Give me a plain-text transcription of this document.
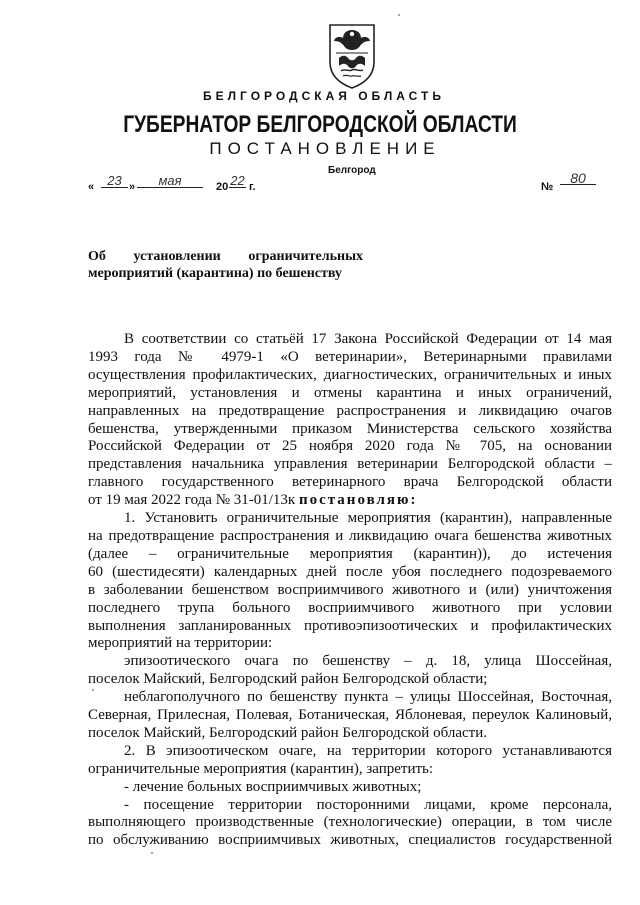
БЕЛГОРОДСКАЯ ОБЛАСТЬ
ГУБЕРНАТОР БЕЛГОРОДСКОЙ ОБЛАСТИ
ПОСТАНОВЛЕНИЕ
Белгород
«	23 »	мая	20 22 г.	№
80
Об установлении ограничительных
мероприятий (карантина) по бешенству

В соответствии со статьёй 17 Закона Российской Федерации от 14 мая
1993 года № 4979-1 «О ветеринарии», Ветеринарными правилами
осуществления профилактических, диагностических, ограничительных и иных
мероприятий, установления и отмены карантина и иных ограничений,
направленных на предотвращение распространения и ликвидацию очагов
бешенства, утвержденными приказом Министерства сельского хозяйства
Российской Федерации от 25 ноября 2020 года № 705, на основании
представления начальника управления ветеринарии Белгородской области –
главного государственного ветеринарного врача Белгородской области
от 19 мая 2022 года № 31-01/13к постановляю:

1. Установить ограничительные мероприятия (карантин), направленные
на предотвращение распространения и ликвидацию очага бешенства животных
(далее – ограничительные мероприятия (карантин)), до истечения
60 (шестидесяти) календарных дней после убоя последнего подозреваемого
в заболевании бешенством восприимчивого животного и (или) уничтожения
последнего трупа больного восприимчивого животного при условии
выполнения запланированных противоэпизоотических и профилактических
мероприятий на территории:

эпизоотического очага по бешенству – д. 18, улица Шоссейная,
поселок Майский, Белгородский район Белгородской области;

неблагополучного по бешенству пункта – улицы Шоссейная, Восточная,
Северная, Прилесная, Полевая, Ботаническая, Яблоневая, переулок Калиновый,
поселок Майский, Белгородский район Белгородской области.

2. В эпизоотическом очаге, на территории которого устанавливаются
ограничительные мероприятия (карантин), запретить:

- лечение больных восприимчивых животных;

- посещение территории посторонними лицами, кроме персонала,
выполняющего производственные (технологические) операции, в том числе
по обслуживанию восприимчивых животных, специалистов государственной
